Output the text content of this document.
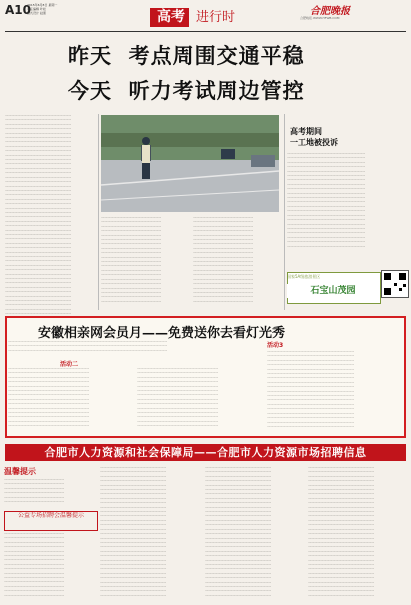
A10
2015年6月8日 星期一
责任编辑 叶松
版式设计 赵蕾	高考 进行时	合肥晚报
合肥晚报·WWW.HFWB.COM
昨天 考点周围交通平稳
今天 听力考试周边管控

一一一一一一一一一一一一一一一一一一一一一一

一一一一一一一一一一一一一一一一一一一一一一

一一一一一一一一一一一一一一一一一一一一一一

一一一一一一一一一一一一一一一一一一一一一一

一一一一一一一一一一一一一一一一一一一一一一

一一一一一一一一一一一一一一一一一一一一一一

一一一一一一一一一一一一一一一一一一一一一一

一一一一一一一一一一一一一一一一一一一一一一

一一一一一一一一一一一一一一一一一一一一一一

一一一一一一一一一一一一一一一一一一一一一一

一一一一一一一一一一一一一一一一一一一一一一

一一一一一一一一一一一一一一一一一一一一一一

一一一一一一一一一一一一一一一一一一一一一一

一一一一一一一一一一一一一一一一一一一一一一

一一一一一一一一一一一一一一一一一一一一一一

一一一一一一一一一一一一一一一一一一一一一一

一一一一一一一一一一一一一一一一一一一一一一

一一一一一一一一一一一一一一一一一一一一一一

一一一一一一一一一一一一一一一一一一一一一一

一一一一一一一一一一一一一一一一一一一一一一

一一一一一一一一一一一一一一一一一一一一一一

一一一一一一一一一一一一一一一一一一一一一一

一一一一一一一一一一一一一一一一一一一一一一

一一一一一一一一一一一一一一一一一一一一一一

一一一一一一一一一一一一一一一一一一一一一一

一一一一一一一一一一一一一一一一一一一一一一

一一一一一一一一一一一一一一一一一一一一一一

一一一一一一一一一一一一一一一一一一一一一一

一一一一一一一一一一一一一一一一一一一一一一

一一一一一一一一一一一一一一一一一一一一一一

一一一一一一一一一一一一一一一一一一一一一一

一一一一一一一一一一一一一一一一一一一一一一

一一一一一一一一一一一一一一一一一一一一一一

一一一一一一一一一一一一一一一一一一一一一一

一一一一一一一一一一一一一一一一一一一一一一

一一一一一一一一一一一一一一一一一一一一一一

一一一一一一一一一一一一一一一一一一一一一一

一一一一一一一一一一一一一一一一一一一一一一

一一一一一一一一一一一一一一一一一一一一一一

一一一一一一一一一一一一一一一一一一一一一一

一一一一一一一一一一一一一一一一一一一一一一

一一一一一一一一一一一一一一一一一一一一一一

一一一一一一一一一一一一一一一一一一一一一一

一一一一一一一一一一一一一一一一一一一一一一

一一一一一一一一一一一一一一一一一一一一一一

一一一一一一一一一一一一一一一一一一一一一一

一一一一一一一一一一一一一一一一一一一一

一一一一一一一一一一一一一一一一一一一一

一一一一一一一一一一一一一一一一一一一一

一一一一一一一一一一一一一一一一一一一一

一一一一一一一一一一一一一一一一一一一一

一一一一一一一一一一一一一一一一一一一一

一一一一一一一一一一一一一一一一一一一一

一一一一一一一一一一一一一一一一一一一一

一一一一一一一一一一一一一一一一一一一一

一一一一一一一一一一一一一一一一一一一一

一一一一一一一一一一一一一一一一一一一一

一一一一一一一一一一一一一一一一一一一一

一一一一一一一一一一一一一一一一一一一一

一一一一一一一一一一一一一一一一一一一一

一一一一一一一一一一一一一一一一一一一一

一一一一一一一一一一一一一一一一一一一一

一一一一一一一一一一一一一一一一一一一一

一一一一一一一一一一一一一一一一一一一一

一一一一一一一一一一一一一一一一一一一一

一一一一一一一一一一一一一一一一一一一一

一一一一一一一一一一一一一一一一一一一一

一一一一一一一一一一一一一一一一一一一一

一一一一一一一一一一一一一一一一一一一一

一一一一一一一一一一一一一一一一一一一一

一一一一一一一一一一一一一一一一一一一一

一一一一一一一一一一一一一一一一一一一一

一一一一一一一一一一一一一一一一一一一一

一一一一一一一一一一一一一一一一一一一一

一一一一一一一一一一一一一一一一一一一一

一一一一一一一一一一一一一一一一一一一一

一一一一一一一一一一一一一一一一一一一一

一一一一一一一一一一一一一一一一一一一一

一一一一一一一一一一一一一一一一一一一一

一一一一一一一一一一一一一一一一一一一一

一一一一一一一一一一一一一一一一一一一一

一一一一一一一一一一一一一一一一一一一一

一一一一一一一一一一一一一一一一一一一一

一一一一一一一一一一一一一一一一一一一一

一一一一一一一一一一一一一一一一一一一一

一一一一一一一一一一一一一一一一一一一一

高考期间
一工地被投诉

一一一一一一一一一一一一一一一一一一一一一一一一一一

一一一一一一一一一一一一一一一一一一一一一一一一一一

一一一一一一一一一一一一一一一一一一一一一一一一一一

一一一一一一一一一一一一一一一一一一一一一一一一一一

一一一一一一一一一一一一一一一一一一一一一一一一一一

一一一一一一一一一一一一一一一一一一一一一一一一一一

一一一一一一一一一一一一一一一一一一一一一一一一一一

一一一一一一一一一一一一一一一一一一一一一一一一一一

一一一一一一一一一一一一一一一一一一一一一一一一一一

一一一一一一一一一一一一一一一一一一一一一一一一一一

一一一一一一一一一一一一一一一一一一一一一一一一一一

一一一一一一一一一一一一一一一一一一一一一一一一一一

一一一一一一一一一一一一一一一一一一一一一一一一一一

一一一一一一一一一一一一一一一一一一一一一一一一一一

一一一一一一一一一一一一一一一一一一一一一一一一一一

一一一一一一一一一一一一一一一一一一一一一一一一一一

一一一一一一一一一一一一一一一一一一一一一一一一一一

一一一一一一一一一一一一一一一一一一一一一一一一一一

一一一一一一一一一一一一一一一一一一一一一一一一一一

一一一一一一一一一一一一一一一一一一一一一一一一一一

一一一一一一一一一一一一一一一一一一一一一一一一一一

一一一一一一一一一一一一一一一一一一一一一一一一一一

石宝山茂园
国家5A级旅游景区
安徽相亲网会员月——免费送你去看灯光秀
活动二
活动3

一一一一一一一一一一一一一一一一一一一一一一一一一一一一一一一一一一一一一一一一一一一一一一一一一一一一一

一一一一一一一一一一一一一一一一一一一一一一一一一一一一一一一一一一一一一一一一一一一一一一一一一一一一一

一一一一一一一一一一一一一一一一一一一一一一一一一一一一一一一一一一一一一一一一一一一一一一一一一一一一一

一一一一一一一一一一一一一一一一一一一一一一一一一一一

一一一一一一一一一一一一一一一一一一一一一一一一一一一

一一一一一一一一一一一一一一一一一一一一一一一一一一一

一一一一一一一一一一一一一一一一一一一一一一一一一一一

一一一一一一一一一一一一一一一一一一一一一一一一一一一

一一一一一一一一一一一一一一一一一一一一一一一一一一一

一一一一一一一一一一一一一一一一一一一一一一一一一一一

一一一一一一一一一一一一一一一一一一一一一一一一一一一

一一一一一一一一一一一一一一一一一一一一一一一一一一一

一一一一一一一一一一一一一一一一一一一一一一一一一一一

一一一一一一一一一一一一一一一一一一一一一一一一一一一

一一一一一一一一一一一一一一一一一一一一一一一一一一一

一一一一一一一一一一一一一一一一一一一一一一一一一一一

一一一一一一一一一一一一一一一一一一一一一一一一一一一

一一一一一一一一一一一一一一一一一一一一一一一一一一一

一一一一一一一一一一一一一一一一一一一一一一一一一一一

一一一一一一一一一一一一一一一一一一一一一一一一一一一

一一一一一一一一一一一一一一一一一一一一一一一一一一一

一一一一一一一一一一一一一一一一一一一一一一一一一一一

一一一一一一一一一一一一一一一一一一一一一一一一一一一

一一一一一一一一一一一一一一一一一一一一一一一一一一一

一一一一一一一一一一一一一一一一一一一一一一一一一一一

一一一一一一一一一一一一一一一一一一一一一一一一一一一

一一一一一一一一一一一一一一一一一一一一一一一一一一一

一一一一一一一一一一一一一一一一一一一一一一一一一一一

一一一一一一一一一一一一一一一一一一一一一一一一一一一

一一一一一一一一一一一一一一一一一一一一一一一一一一一

一一一一一一一一一一一一一一一一一一一一一一一一一一一

一一一一一一一一一一一一一一一一一一一一一一一一一一一一一

一一一一一一一一一一一一一一一一一一一一一一一一一一一一一

一一一一一一一一一一一一一一一一一一一一一一一一一一一一一

一一一一一一一一一一一一一一一一一一一一一一一一一一一一一

一一一一一一一一一一一一一一一一一一一一一一一一一一一一一

一一一一一一一一一一一一一一一一一一一一一一一一一一一一一

一一一一一一一一一一一一一一一一一一一一一一一一一一一一一

一一一一一一一一一一一一一一一一一一一一一一一一一一一一一

一一一一一一一一一一一一一一一一一一一一一一一一一一一一一

一一一一一一一一一一一一一一一一一一一一一一一一一一一一一

一一一一一一一一一一一一一一一一一一一一一一一一一一一一一

一一一一一一一一一一一一一一一一一一一一一一一一一一一一一

一一一一一一一一一一一一一一一一一一一一一一一一一一一一一

一一一一一一一一一一一一一一一一一一一一一一一一一一一一一

一一一一一一一一一一一一一一一一一一一一一一一一一一一一一

一一一一一一一一一一一一一一一一一一一一一一一一一一一一一

一一一一一一一一一一一一一一一一一一一一一一一一一一一一一

一一一一一一一一一一一一一一一一一一一一一一一一一一一一一

合肥市人力资源和社会保障局——合肥市人力资源市场招聘信息
温馨提示

一一一一一一一一一一一一一一一一一一一一

一一一一一一一一一一一一一一一一一一一一

一一一一一一一一一一一一一一一一一一一一

一一一一一一一一一一一一一一一一一一一一

一一一一一一一一一一一一一一一一一一一一

一一一一一一一一一一一一一一一一一一一一

公益专场招聘会温馨提示

一一一一一一一一一一一一一一一一一一一一

一一一一一一一一一一一一一一一一一一一一

一一一一一一一一一一一一一一一一一一一一

一一一一一一一一一一一一一一一一一一一一

一一一一一一一一一一一一一一一一一一一一

一一一一一一一一一一一一一一一一一一一一

一一一一一一一一一一一一一一一一一一一一

一一一一一一一一一一一一一一一一一一一一

一一一一一一一一一一一一一一一一一一一一

一一一一一一一一一一一一一一一一一一一一

一一一一一一一一一一一一一一一一一一一一

一一一一一一一一一一一一一一一一一一一一

一一一一一一一一一一一一一一一一一一一一

一一一一一一一一一一一一一一一一一一一一

一一一一一一一一一一一一一一一一一一一一

一一一一一一一一一一一一一一一一一一一一一一

一一一一一一一一一一一一一一一一一一一一一一

一一一一一一一一一一一一一一一一一一一一一一

一一一一一一一一一一一一一一一一一一一一一一

一一一一一一一一一一一一一一一一一一一一一一

一一一一一一一一一一一一一一一一一一一一一一

一一一一一一一一一一一一一一一一一一一一一一

一一一一一一一一一一一一一一一一一一一一一一

一一一一一一一一一一一一一一一一一一一一一一

一一一一一一一一一一一一一一一一一一一一一一

一一一一一一一一一一一一一一一一一一一一一一

一一一一一一一一一一一一一一一一一一一一一一

一一一一一一一一一一一一一一一一一一一一一一

一一一一一一一一一一一一一一一一一一一一一一

一一一一一一一一一一一一一一一一一一一一一一

一一一一一一一一一一一一一一一一一一一一一一

一一一一一一一一一一一一一一一一一一一一一一

一一一一一一一一一一一一一一一一一一一一一一

一一一一一一一一一一一一一一一一一一一一一一

一一一一一一一一一一一一一一一一一一一一一一

一一一一一一一一一一一一一一一一一一一一一一

一一一一一一一一一一一一一一一一一一一一一一

一一一一一一一一一一一一一一一一一一一一一一

一一一一一一一一一一一一一一一一一一一一一一

一一一一一一一一一一一一一一一一一一一一一一

一一一一一一一一一一一一一一一一一一一一一一

一一一一一一一一一一一一一一一一一一一一一一

一一一一一一一一一一一一一一一一一一一一一一

一一一一一一一一一一一一一一一一一一一一一一

一一一一一一一一一一一一一一一一一一一一一一

一一一一一一一一一一一一一一一一一一一一一一

一一一一一一一一一一一一一一一一一一一一一一

一一一一一一一一一一一一一一一一一一一一一一

一一一一一一一一一一一一一一一一一一一一一一

一一一一一一一一一一一一一一一一一一一一一一

一一一一一一一一一一一一一一一一一一一一一一

一一一一一一一一一一一一一一一一一一一一一一

一一一一一一一一一一一一一一一一一一一一一一

一一一一一一一一一一一一一一一一一一一一一一

一一一一一一一一一一一一一一一一一一一一一一

一一一一一一一一一一一一一一一一一一一一一一

一一一一一一一一一一一一一一一一一一一一一一

一一一一一一一一一一一一一一一一一一一一一一

一一一一一一一一一一一一一一一一一一一一一一

一一一一一一一一一一一一一一一一一一一一一一

一一一一一一一一一一一一一一一一一一一一一一

一一一一一一一一一一一一一一一一一一一一一一

一一一一一一一一一一一一一一一一一一一一一一

一一一一一一一一一一一一一一一一一一一一一一

一一一一一一一一一一一一一一一一一一一一一一

一一一一一一一一一一一一一一一一一一一一一一

一一一一一一一一一一一一一一一一一一一一一一

一一一一一一一一一一一一一一一一一一一一一一

一一一一一一一一一一一一一一一一一一一一一一

一一一一一一一一一一一一一一一一一一一一一一

一一一一一一一一一一一一一一一一一一一一一一

一一一一一一一一一一一一一一一一一一一一一一

一一一一一一一一一一一一一一一一一一一一一一

一一一一一一一一一一一一一一一一一一一一一一

一一一一一一一一一一一一一一一一一一一一一一

一一一一一一一一一一一一一一一一一一一一一一

一一一一一一一一一一一一一一一一一一一一一一

一一一一一一一一一一一一一一一一一一一一一一

一一一一一一一一一一一一一一一一一一一一一一

一一一一一一一一一一一一一一一一一一一一一一

一一一一一一一一一一一一一一一一一一一一一一

一一一一一一一一一一一一一一一一一一一一一一

一一一一一一一一一一一一一一一一一一一一一一

一一一一一一一一一一一一一一一一一一一一一一

一一一一一一一一一一一一一一一一一一一一一一

一一一一一一一一一一一一一一一一一一一一一一

一一一一一一一一一一一一一一一一一一一一一一

一一一一一一一一一一一一一一一一一一一一一一

一一一一一一一一一一一一一一一一一一一一一一

一一一一一一一一一一一一一一一一一一一一一一

一一一一一一一一一一一一一一一一一一一一一一

一一一一一一一一一一一一一一一一一一一一一一

一一一一一一一一一一一一一一一一一一一一一一

一一一一一一一一一一一一一一一一一一一一一一

一一一一一一一一一一一一一一一一一一一一一一

一一一一一一一一一一一一一一一一一一一一一一

一一一一一一一一一一一一一一一一一一一一一一

一一一一一一一一一一一一一一一一一一一一一一

一一一一一一一一一一一一一一一一一一一一一一

一一一一一一一一一一一一一一一一一一一一一一

一一一一一一一一一一一一一一一一一一一一一一

一一一一一一一一一一一一一一一一一一一一一一

一一一一一一一一一一一一一一一一一一一一一一

一一一一一一一一一一一一一一一一一一一一一一

一一一一一一一一一一一一一一一一一一一一一一
